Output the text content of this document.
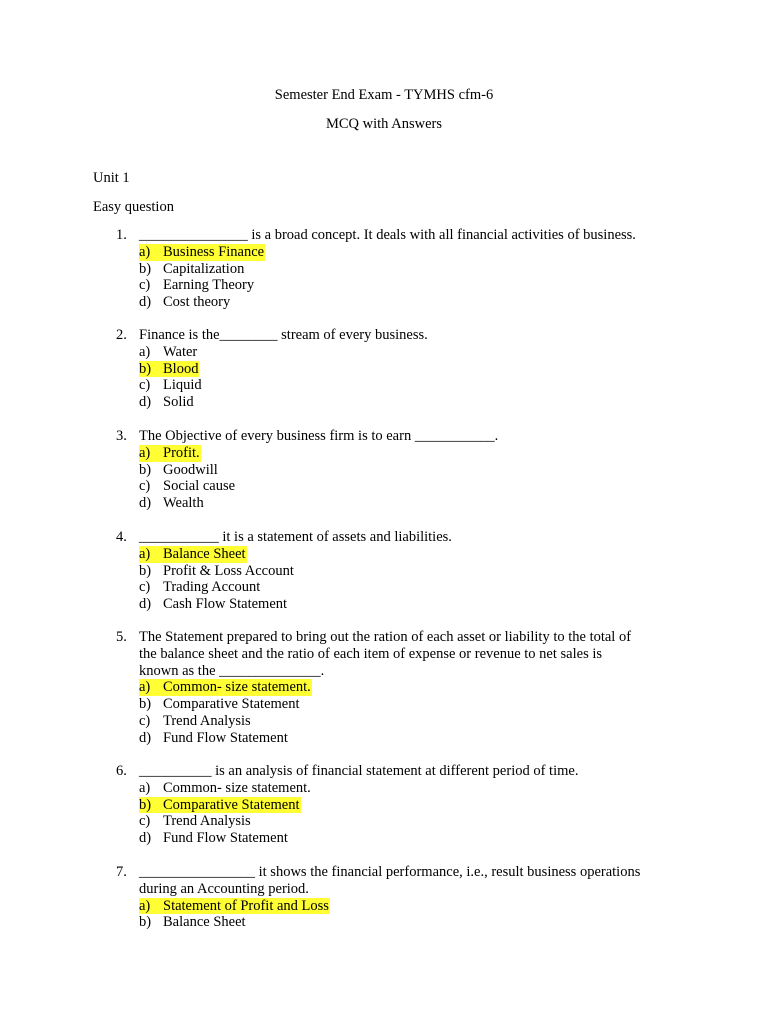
Semester End Exam - TYMHS cfm-6
MCQ with Answers
Unit 1
Easy question
1. _______________ is a broad concept. It deals with all financial activities of business.
a) Business Finance
b) Capitalization
c) Earning Theory
d) Cost theory
2. Finance is the________ stream of every business.
a) Water
b) Blood
c) Liquid
d) Solid
3. The Objective of every business firm is to earn ___________.
a) Profit.
b) Goodwill
c) Social cause
d) Wealth
4. ___________ it is a statement of assets and liabilities.
a) Balance Sheet
b) Profit & Loss Account
c) Trading Account
d) Cash Flow Statement
5. The Statement prepared to bring out the ration of each asset or liability to the total of
the balance sheet and the ratio of each item of expense or revenue to net sales is
known as the ______________.
a) Common- size statement.
b) Comparative Statement
c) Trend Analysis
d) Fund Flow Statement
6. __________ is an analysis of financial statement at different period of time.
a) Common- size statement.
b) Comparative Statement
c) Trend Analysis
d) Fund Flow Statement
7. ________________ it shows the financial performance, i.e., result business operations
during an Accounting period.
a) Statement of Profit and Loss
b) Balance Sheet
